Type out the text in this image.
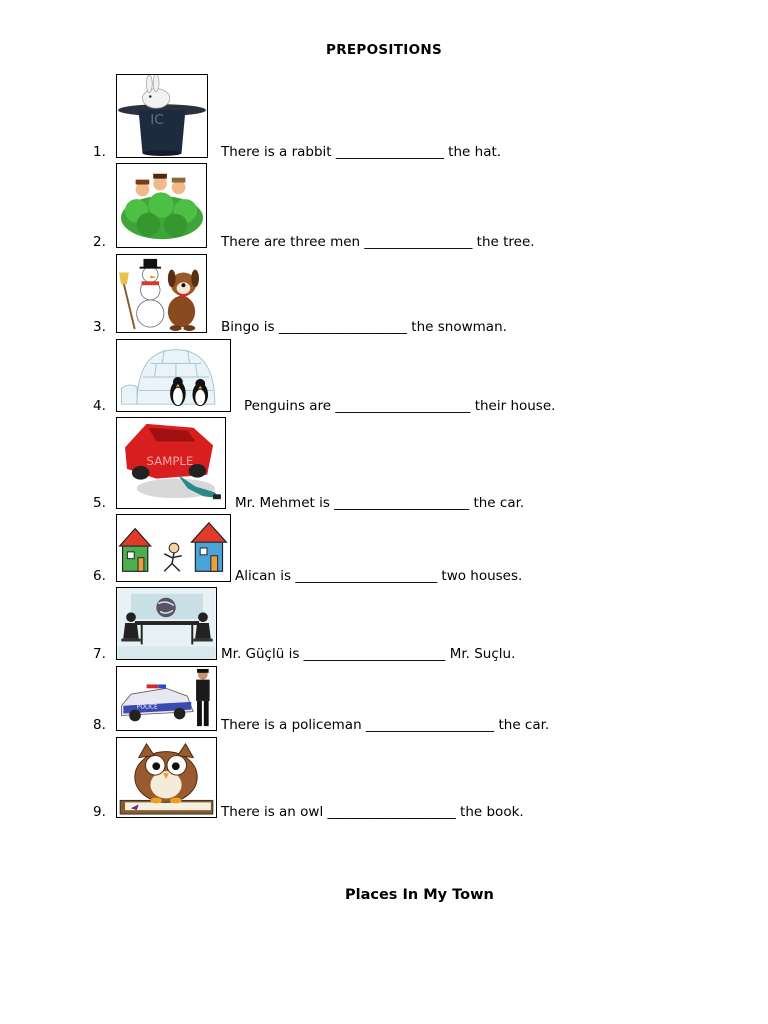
PREPOSITIONS
1.
IC
There is a rabbit ________________ the hat.
2.	There are three men ________________ the tree.
3.	Bingo is ___________________ the snowman.
4.	Penguins are ____________________ their house.
5.
SAMPLE
Mr. Mehmet is ____________________ the car.
6.	Alican is _____________________ two houses.
7.	Mr. Güçlü is _____________________ Mr. Suçlu.
8.
POLICE
There is a policeman ___________________ the car.
9.	There is an owl ___________________ the book.
Places In My Town
